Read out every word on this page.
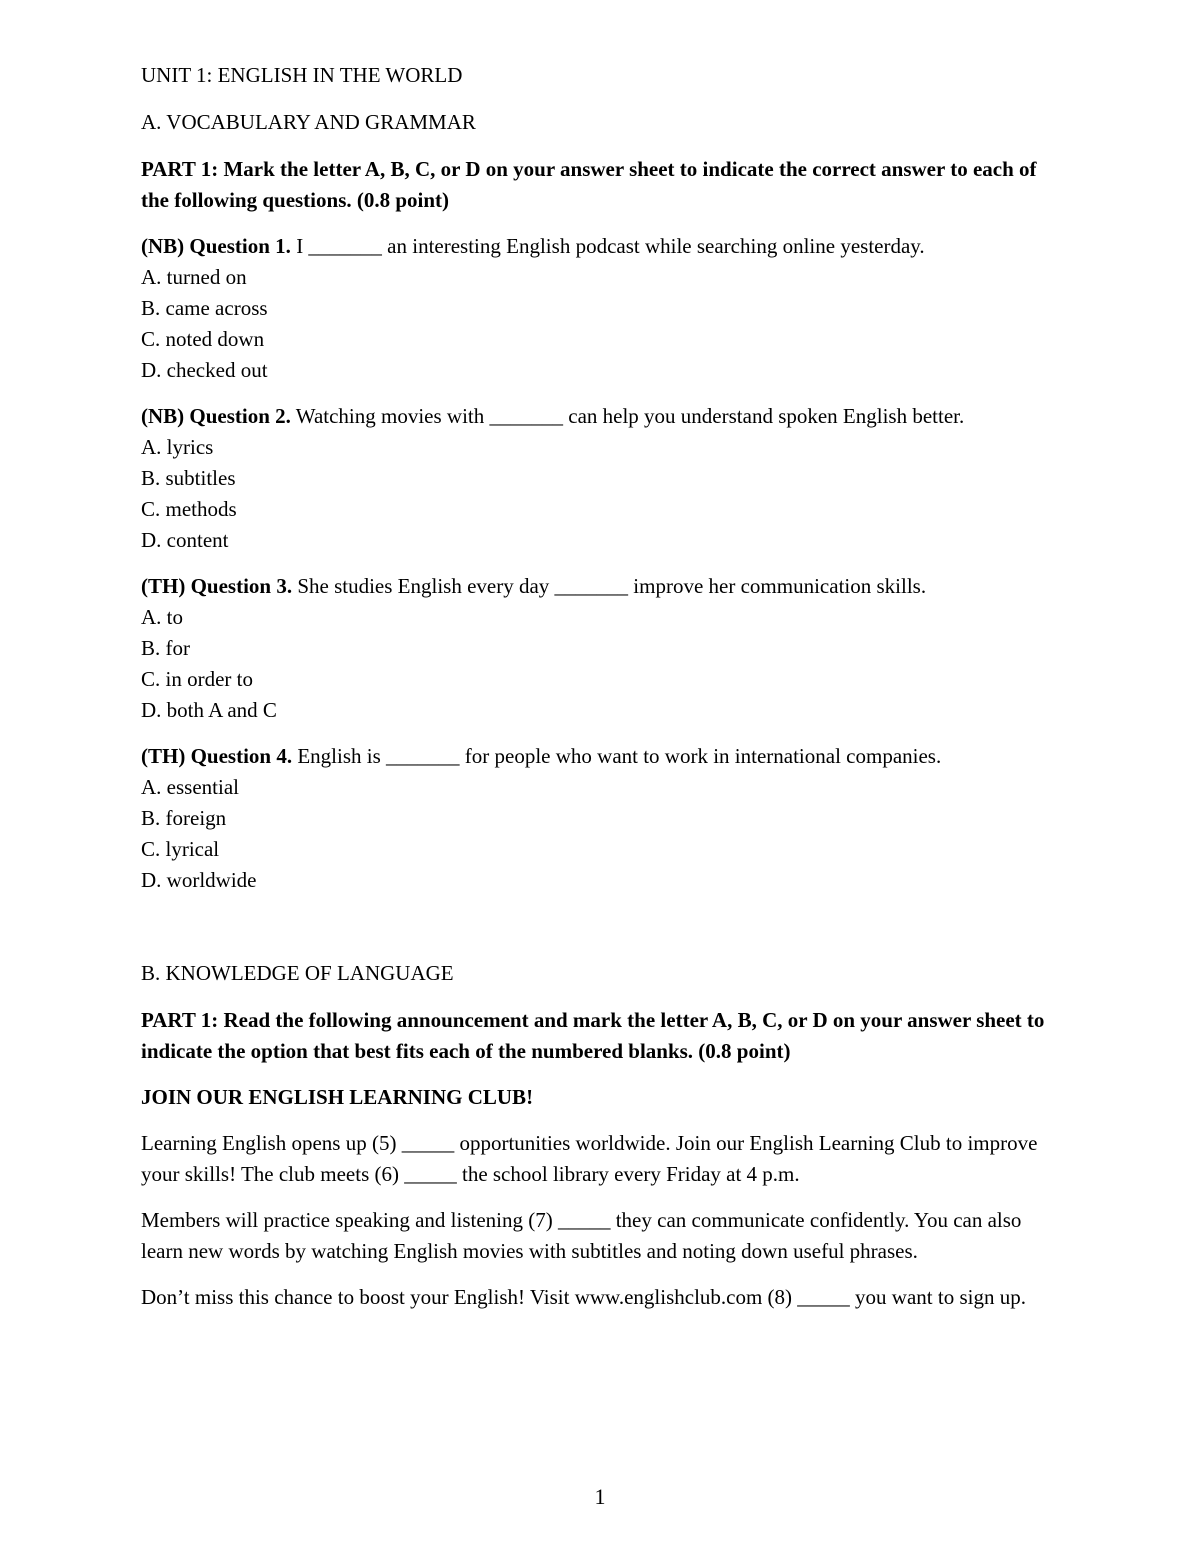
UNIT 1: ENGLISH IN THE WORLD

A. VOCABULARY AND GRAMMAR

PART 1: Mark the letter A, B, C, or D on your answer sheet to indicate the correct answer to each of the following questions. (0.8 point)

(NB) Question 1. I _______ an interesting English podcast while searching online yesterday.

A. turned on

B. came across

C. noted down

D. checked out

(NB) Question 2. Watching movies with _______ can help you understand spoken English better.

A. lyrics

B. subtitles

C. methods

D. content

(TH) Question 3. She studies English every day _______ improve her communication skills.

A. to

B. for

C. in order to

D. both A and C

(TH) Question 4. English is _______ for people who want to work in international companies.

A. essential

B. foreign

C. lyrical

D. worldwide

B. KNOWLEDGE OF LANGUAGE

PART 1: Read the following announcement and mark the letter A, B, C, or D on your answer sheet to indicate the option that best fits each of the numbered blanks. (0.8 point)

JOIN OUR ENGLISH LEARNING CLUB!

Learning English opens up (5) _____ opportunities worldwide. Join our English Learning Club to improve your skills! The club meets (6) _____ the school library every Friday at 4 p.m.

Members will practice speaking and listening (7) _____ they can communicate confidently. You can also learn new words by watching English movies with subtitles and noting down useful phrases.

Don’t miss this chance to boost your English! Visit www.englishclub.com (8) _____ you want to sign up.

1
